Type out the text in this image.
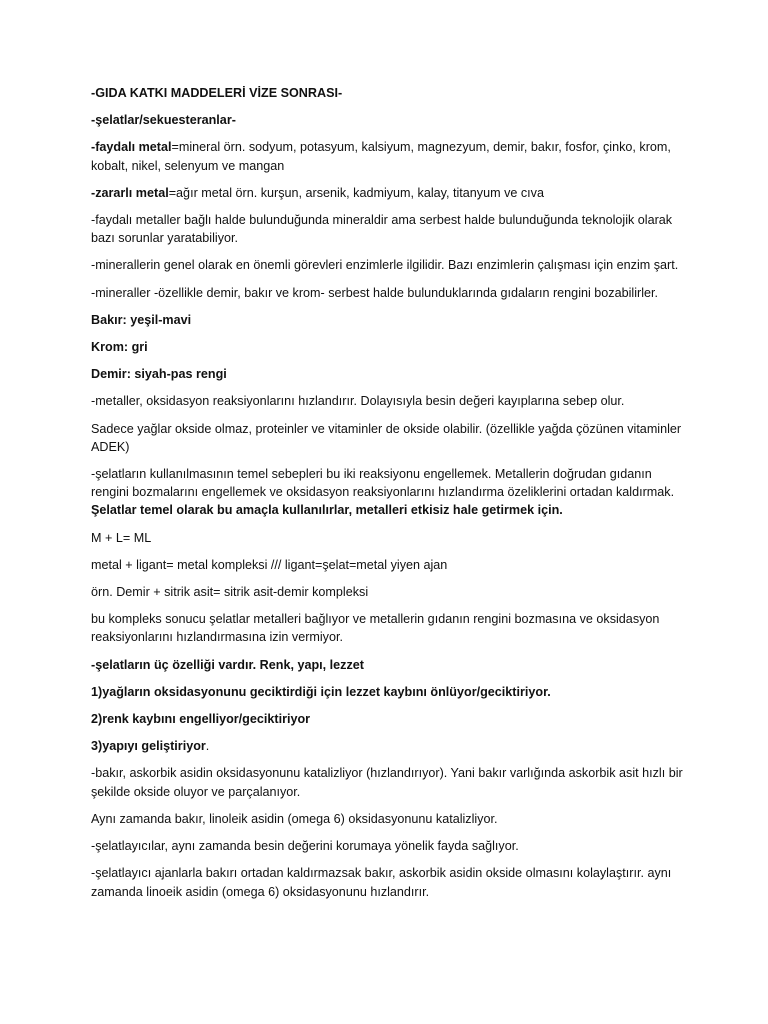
-GIDA KATKI MADDELERİ VİZE SONRASI-

-şelatlar/sekuesteranlar-

-faydalı metal=mineral örn. sodyum, potasyum, kalsiyum, magnezyum, demir, bakır, fosfor, çinko, krom, kobalt, nikel, selenyum ve mangan

-zararlı metal=ağır metal örn. kurşun, arsenik, kadmiyum, kalay, titanyum ve cıva

-faydalı metaller bağlı halde bulunduğunda mineraldir ama serbest halde bulunduğunda teknolojik olarak bazı sorunlar yaratabiliyor.

-minerallerin genel olarak en önemli görevleri enzimlerle ilgilidir. Bazı enzimlerin çalışması için enzim şart.

-mineraller -özellikle demir, bakır ve krom- serbest halde bulunduklarında gıdaların rengini bozabilirler.

Bakır: yeşil-mavi

Krom: gri

Demir: siyah-pas rengi

-metaller, oksidasyon reaksiyonlarını hızlandırır. Dolayısıyla besin değeri kayıplarına sebep olur.

Sadece yağlar okside olmaz, proteinler ve vitaminler de okside olabilir. (özellikle yağda çözünen vitaminler ADEK)

-şelatların kullanılmasının temel sebepleri bu iki reaksiyonu engellemek. Metallerin doğrudan gıdanın rengini bozmalarını engellemek ve oksidasyon reaksiyonlarını hızlandırma özeliklerini ortadan kaldırmak. Şelatlar temel olarak bu amaçla kullanılırlar, metalleri etkisiz hale getirmek için.

M + L= ML

metal + ligant= metal kompleksi /// ligant=şelat=metal yiyen ajan

örn. Demir + sitrik asit= sitrik asit-demir kompleksi

bu kompleks sonucu şelatlar metalleri bağlıyor ve metallerin gıdanın rengini bozmasına ve oksidasyon reaksiyonlarını hızlandırmasına izin vermiyor.

-şelatların üç özelliği vardır. Renk, yapı, lezzet

1)yağların oksidasyonunu geciktirdiği için lezzet kaybını önlüyor/geciktiriyor.

2)renk kaybını engelliyor/geciktiriyor

3)yapıyı geliştiriyor.

-bakır, askorbik asidin oksidasyonunu katalizliyor (hızlandırıyor). Yani bakır varlığında askorbik asit hızlı bir şekilde okside oluyor ve parçalanıyor.

Aynı zamanda bakır, linoleik asidin (omega 6) oksidasyonunu katalizliyor.

-şelatlayıcılar, aynı zamanda besin değerini korumaya yönelik fayda sağlıyor.

-şelatlayıcı ajanlarla bakırı ortadan kaldırmazsak bakır, askorbik asidin okside olmasını kolaylaştırır. aynı zamanda linoeik asidin (omega 6) oksidasyonunu hızlandırır.
